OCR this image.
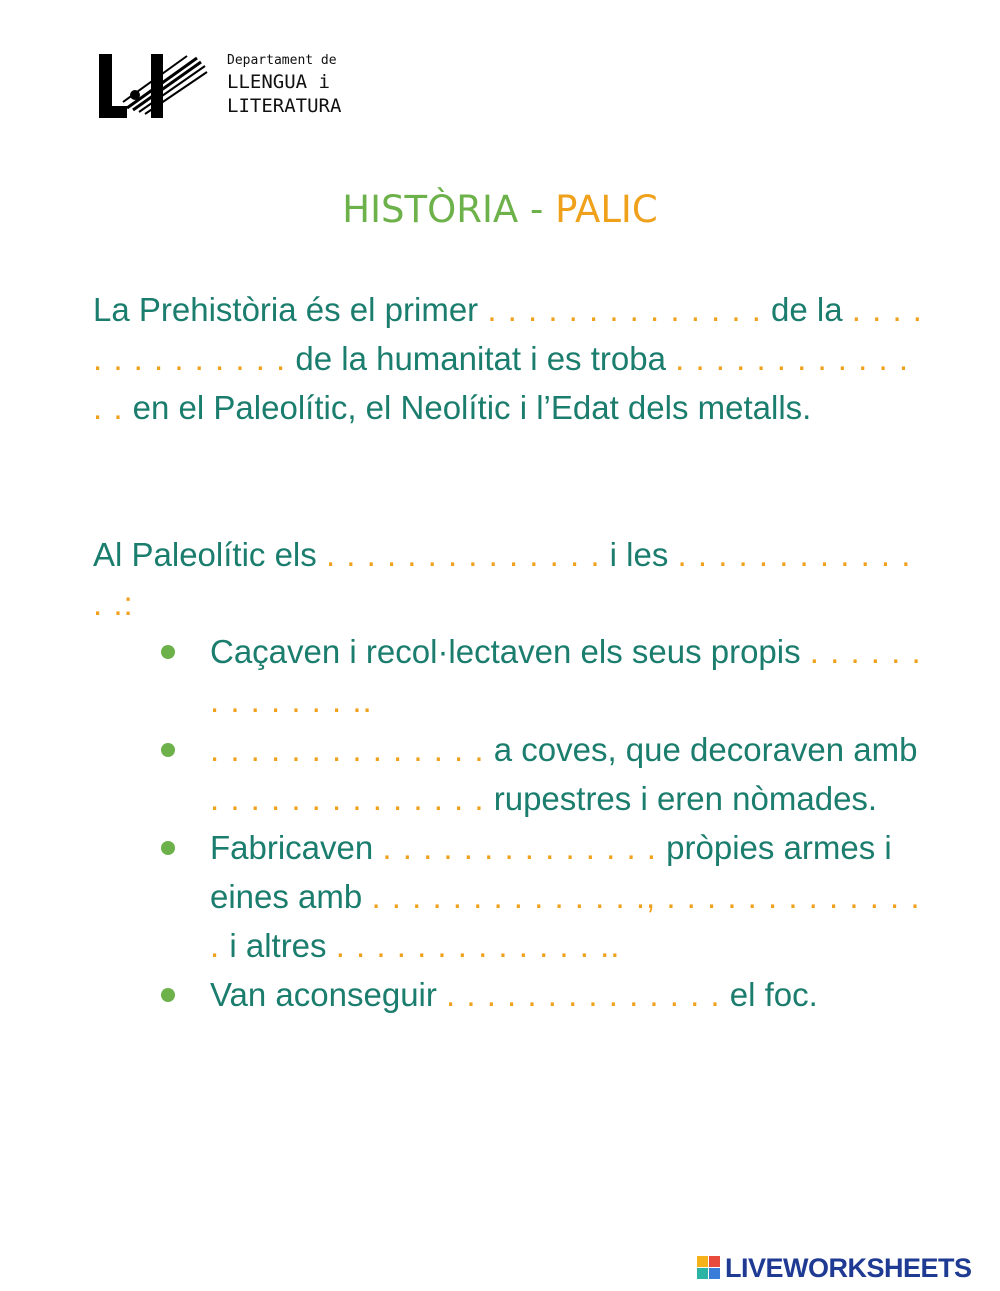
Departament de
LLENGUA i
LITERATURA
HISTÒRIA - PALIC
La Prehistòria és el primer . . . . . . . . . . . . . . de la . . . . . . . . . . . . . . de la humanitat i es troba . . . . . . . . . . . . . . en el Paleolític, el Neolític i l’Edat dels metalls.
Al Paleolític els . . . . . . . . . . . . . . i les . . . . . . . . . . . . . .:
Caçaven i recol·lectaven els seus propis . . . . . . . . . . . . . ..
. . . . . . . . . . . . . . a coves, que decoraven amb . . . . . . . . . . . . . . rupestres i eren nòmades.
Fabricaven . . . . . . . . . . . . . . pròpies armes i eines amb . . . . . . . . . . . . . ., . . . . . . . . . . . . . . i altres . . . . . . . . . . . . . ..
Van aconseguir . . . . . . . . . . . . . . el foc.
LIVEWORKSHEETS
